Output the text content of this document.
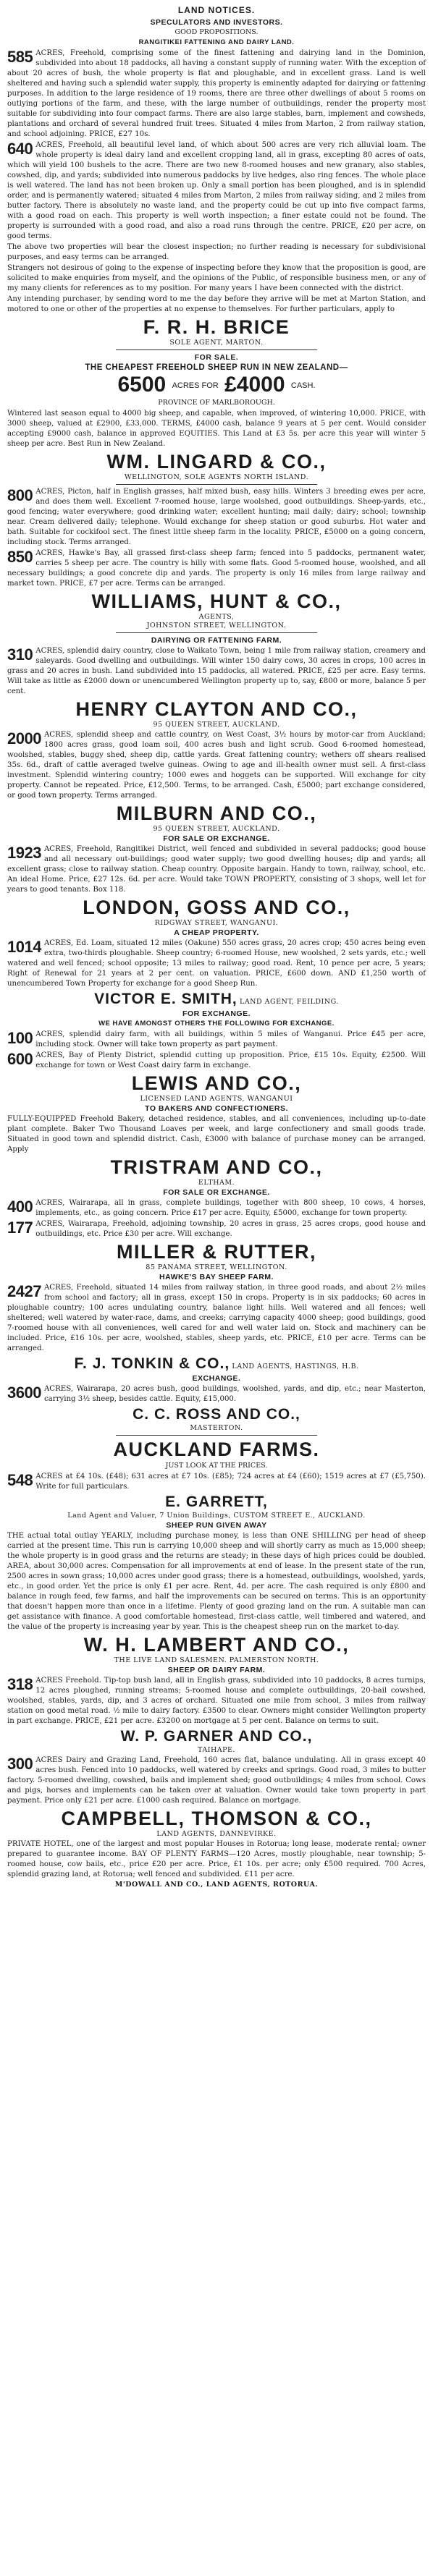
LAND NOTICES.
SPECULATORS AND INVESTORS.
GOOD PROPOSITIONS.
RANGITIKEI FATTENING AND DAIRY LAND.
585 ACRES, Freehold, comprising some of the finest fattening and dairying land in the Dominion, subdivided into about 18 paddocks, all having a constant supply of running water. With the exception of about 20 acres of bush, the whole property is flat and ploughable, and in excellent grass. Land is well sheltered and having such a splendid water supply, this property is eminently adapted for dairying or fattening purposes. In addition to the large residence of 19 rooms, there are three other dwellings of about 5 rooms on outlying portions of the farm, and these, with the large number of outbuildings, render the property most suitable for subdividing into four compact farms. There are also large stables, barn, implement and cowsheds, plantations and orchard of several hundred fruit trees. Situated 4 miles from Marton, 2 from railway station, and school adjoining. PRICE, £27 10s.
640 ACRES, Freehold, all beautiful level land, of which about 500 acres are very rich alluvial loam. The whole property is ideal dairy land and excellent cropping land, all in grass, excepting 80 acres of oats, which will yield 100 bushels to the acre. There are two new 8-roomed houses and new granary, also stables, cowshed, dip, and yards; subdivided into numerous paddocks by live hedges, also ring fences. The whole place is well watered. The land has not been broken up. Only a small portion has been ploughed, and is in splendid order, and is permanently watered; situated 4 miles from Marton, 2 miles from railway siding, and 2 miles from butter factory. There is absolutely no waste land, and the property could be cut up into five compact farms, with a good road on each. This property is well worth inspection; a finer estate could not be found. The property is surrounded with a good road, and also a road runs through the centre. PRICE, £20 per acre, on good terms.
The above two properties will bear the closest inspection; no further reading is necessary for subdivisional purposes, and easy terms can be arranged.
Strangers not desirous of going to the expense of inspecting before they know that the proposition is good, are solicited to make enquiries from myself, and the opinions of the Public, of responsible business men, or any of my many clients for references as to my position. For many years I have been connected with the district.
Any intending purchaser, by sending word to me the day before they arrive will be met at Marton Station, and motored to one or other of the properties at no expense to themselves. For further particulars, apply to
F. R. H. BRICE
SOLE AGENT, MARTON.
FOR SALE.
THE CHEAPEST FREEHOLD SHEEP RUN IN NEW ZEALAND—
6500 ACRES FOR £4000 CASH.
PROVINCE OF MARLBOROUGH.
Wintered last season equal to 4000 big sheep, and capable, when improved, of wintering 10,000. PRICE, with 3000 sheep, valued at £2900, £33,000. TERMS, £4000 cash, balance 9 years at 5 per cent. Would consider accepting £9000 cash, balance in approved EQUITIES. This Land at £3 5s. per acre this year will winter 5 sheep per acre. Best Run in New Zealand.
WM. LINGARD & CO.,
WELLINGTON, SOLE AGENTS NORTH ISLAND.
800 ACRES, Picton, half in English grasses, half mixed bush, easy hills. Winters 3 breeding ewes per acre, and does them well. Excellent 7-roomed house, large woolshed, good outbuildings. Sheep-yards, etc., good fencing; water everywhere; good drinking water; excellent hunting; mail daily; dairy; school; township near. Cream delivered daily; telephone. Would exchange for sheep station or good suburbs. Hot water and bath. Suitable for cockifool sect. The finest little sheep farm in the locality. PRICE, £5000 on a going concern, including stock. Terms arranged.
850 ACRES, Hawke's Bay, all grassed first-class sheep farm; fenced into 5 paddocks, permanent water, carries 5 sheep per acre. The country is hilly with some flats. Good 5-roomed house, woolshed, and all necessary buildings; a good concrete dip and yards. The property is only 16 miles from large railway and market town. PRICE, £7 per acre. Terms can be arranged.
WILLIAMS, HUNT & CO.,
AGENTS,
JOHNSTON STREET, WELLINGTON.
DAIRYING OR FATTENING FARM.
310 ACRES, splendid dairy country, close to Waikato Town, being 1 mile from railway station, creamery and saleyards. Good dwelling and outbuildings. Will winter 150 dairy cows, 30 acres in crops, 100 acres in grass and 20 acres in bush. Land subdivided into 15 paddocks, all watered. PRICE, £25 per acre. Easy terms. Will take as little as £2000 down or unencumbered Wellington property up to, say, £800 or more, balance 5 per cent.
HENRY CLAYTON AND CO.,
95 QUEEN STREET, AUCKLAND.
2000 ACRES, splendid sheep and cattle country, on West Coast, 3½ hours by motor-car from Auckland; 1800 acres grass, good loam soil, 400 acres bush and light scrub. Good 6-roomed homestead, woolshed, stables, buggy shed, sheep dip, cattle yards. Great fattening country; wethers off shears realised 35s. 6d., draft of cattle averaged twelve guineas. Owing to age and ill-health owner must sell. A first-class investment. Splendid wintering country; 1000 ewes and hoggets can be supported. Will exchange for city property. Cannot be repeated. Price, £12,500. Terms, to be arranged. Cash, £5000; part exchange considered, or good town property. Terms arranged.
MILBURN AND CO.,
95 QUEEN STREET, AUCKLAND.
FOR SALE OR EXCHANGE.
1923 ACRES, Freehold, Rangitikei District, well fenced and subdivided in several paddocks; good house and all necessary out-buildings; good water supply; two good dwelling houses; dip and yards; all excellent grass; close to railway station. Cheap country. Opposite bargain. Handy to town, railway, school, etc. An ideal Home. Price, £27 12s. 6d. per acre. Would take TOWN PROPERTY, consisting of 3 shops, well let for years to good tenants. Box 118.
LONDON, GOSS AND CO.,
RIDGWAY STREET, WANGANUI.
A CHEAP PROPERTY.
1014 ACRES, Ed. Loam, situated 12 miles (Oakune) 550 acres grass, 20 acres crop; 450 acres being even extra, two-thirds ploughable. Sheep country; 6-roomed House, new woolshed, 2 sets yards, etc.; well watered and well fenced; school opposite; 13 miles to railway; good road. Rent, 10 pence per acre, 5 years; Right of Renewal for 21 years at 2 per cent. on valuation. PRICE, £600 down. AND £1,250 worth of unencumbered Town Property for exchange for a good Sheep Run.
VICTOR E. SMITH, LAND AGENT, FEILDING.
FOR EXCHANGE.
WE HAVE AMONGST OTHERS THE FOLLOWING FOR EXCHANGE.
100 ACRES, splendid dairy farm, with all buildings, within 5 miles of Wanganui. Price £45 per acre, including stock. Owner will take town property as part payment.
600 ACRES, Bay of Plenty District, splendid cutting up proposition. Price, £15 10s. Equity, £2500. Will exchange for town or West Coast dairy farm in exchange.
LEWIS AND CO.,
LICENSED LAND AGENTS, WANGANUI
TO BAKERS AND CONFECTIONERS.
FULLY-EQUIPPED Freehold Bakery, detached residence, stables, and all conveniences, including up-to-date plant complete. Baker Two Thousand Loaves per week, and large confectionery and small goods trade. Situated in good town and splendid district. Cash, £3000 with balance of purchase money can be arranged. Apply
TRISTRAM AND CO.,
ELTHAM.
FOR SALE OR EXCHANGE.
400 ACRES, Wairarapa, all in grass, complete buildings, together with 800 sheep, 10 cows, 4 horses, implements, etc., as going concern. Price £17 per acre. Equity, £5000, exchange for town property.
177 ACRES, Wairarapa, Freehold, adjoining township, 20 acres in grass, 25 acres crops, good house and outbuildings, etc. Price £30 per acre. Will exchange.
MILLER & RUTTER,
85 PANAMA STREET, WELLINGTON.
HAWKE'S BAY SHEEP FARM.
2427 ACRES, Freehold, situated 14 miles from railway station, in three good roads, and about 2½ miles from school and factory; all in grass, except 150 in crops. Property is in six paddocks; 60 acres in ploughable country; 100 acres undulating country, balance light hills. Well watered and all fences; well sheltered; well watered by water-race, dams, and creeks; carrying capacity 4000 sheep; good buildings, good 7-roomed house with all conveniences, well cared for and well water laid on. Stock and machinery can be included. Price, £16 10s. per acre, woolshed, stables, sheep yards, etc. PRICE, £10 per acre. Terms can be arranged.
F. J. TONKIN & CO., LAND AGENTS, HASTINGS, H.B.
EXCHANGE.
3600 ACRES, Wairarapa, 20 acres bush, good buildings, woolshed, yards, and dip, etc.; near Masterton, carrying 3½ sheep, besides cattle. Equity, £15,000.
C. C. ROSS AND CO.,
MASTERTON.
AUCKLAND FARMS.
JUST LOOK AT THE PRICES.
548 ACRES at £4 10s. (£48); 631 acres at £7 10s. (£85); 724 acres at £4 (£60); 1519 acres at £7 (£5,750). Write for full particulars.
E. GARRETT,
Land Agent and Valuer, 7 Union Buildings, CUSTOM STREET E., AUCKLAND.
SHEEP RUN GIVEN AWAY
THE actual total outlay YEARLY, including purchase money, is less than ONE SHILLING per head of sheep carried at the present time. This run is carrying 10,000 sheep and will shortly carry as much as 15,000 sheep; the whole property is in good grass and the returns are steady; in these days of high prices could be doubled. AREA, about 30,000 acres. Compensation for all improvements at end of lease. In the present state of the run, 2500 acres in sown grass; 10,000 acres under good grass; there is a homestead, outbuildings, woolshed, yards, etc., in good order. Yet the price is only £1 per acre. Rent, 4d. per acre. The cash required is only £800 and balance in rough feed, few farms, and half the improvements can be secured on terms. This is an opportunity that doesn't happen more than once in a lifetime. Plenty of good grazing land on the run. A suitable man can get assistance with finance. A good comfortable homestead, first-class cattle, well timbered and watered, and the value of the property is increasing year by year. This is the cheapest sheep run on the market to-day.
W. H. LAMBERT AND CO.,
THE LIVE LAND SALESMEN. PALMERSTON NORTH.
SHEEP OR DAIRY FARM.
318 ACRES Freehold. Tip-top bush land, all in English grass, subdivided into 10 paddocks, 8 acres turnips, 12 acres ploughed, running streams; 5-roomed house and complete outbuildings, 20-bail cowshed, woolshed, stables, yards, dip, and 3 acres of orchard. Situated one mile from school, 3 miles from railway station on good metal road. ½ mile to dairy factory. £3500 to clear. Owners might consider Wellington property in part exchange. PRICE, £21 per acre. £3200 on mortgage at 5 per cent. Balance on terms to suit.
W. P. GARNER AND CO.,
TAIHAPE.
300 ACRES Dairy and Grazing Land, Freehold, 160 acres flat, balance undulating. All in grass except 40 acres bush. Fenced into 10 paddocks, well watered by creeks and springs. Good road, 3 miles to butter factory. 5-roomed dwelling, cowshed, bails and implement shed; good outbuildings; 4 miles from school. Cows and pigs, horses and implements can be taken over at valuation. Owner would take town property in part payment. Price only £21 per acre. £1000 cash required. Balance on mortgage.
CAMPBELL, THOMSON & CO.,
LAND AGENTS, DANNEVIRKE.
PRIVATE HOTEL, one of the largest and most popular Houses in Rotorua; long lease, moderate rental; owner prepared to guarantee income. BAY OF PLENTY FARMS—120 Acres, mostly ploughable, near township; 5-roomed house, cow bails, etc., price £20 per acre. Price, £1 10s. per acre; only £500 required. 700 Acres, splendid grazing land, at Rotorua; well fenced and subdivided. £11 per acre.
M'DOWALL AND CO., LAND AGENTS, ROTORUA.
